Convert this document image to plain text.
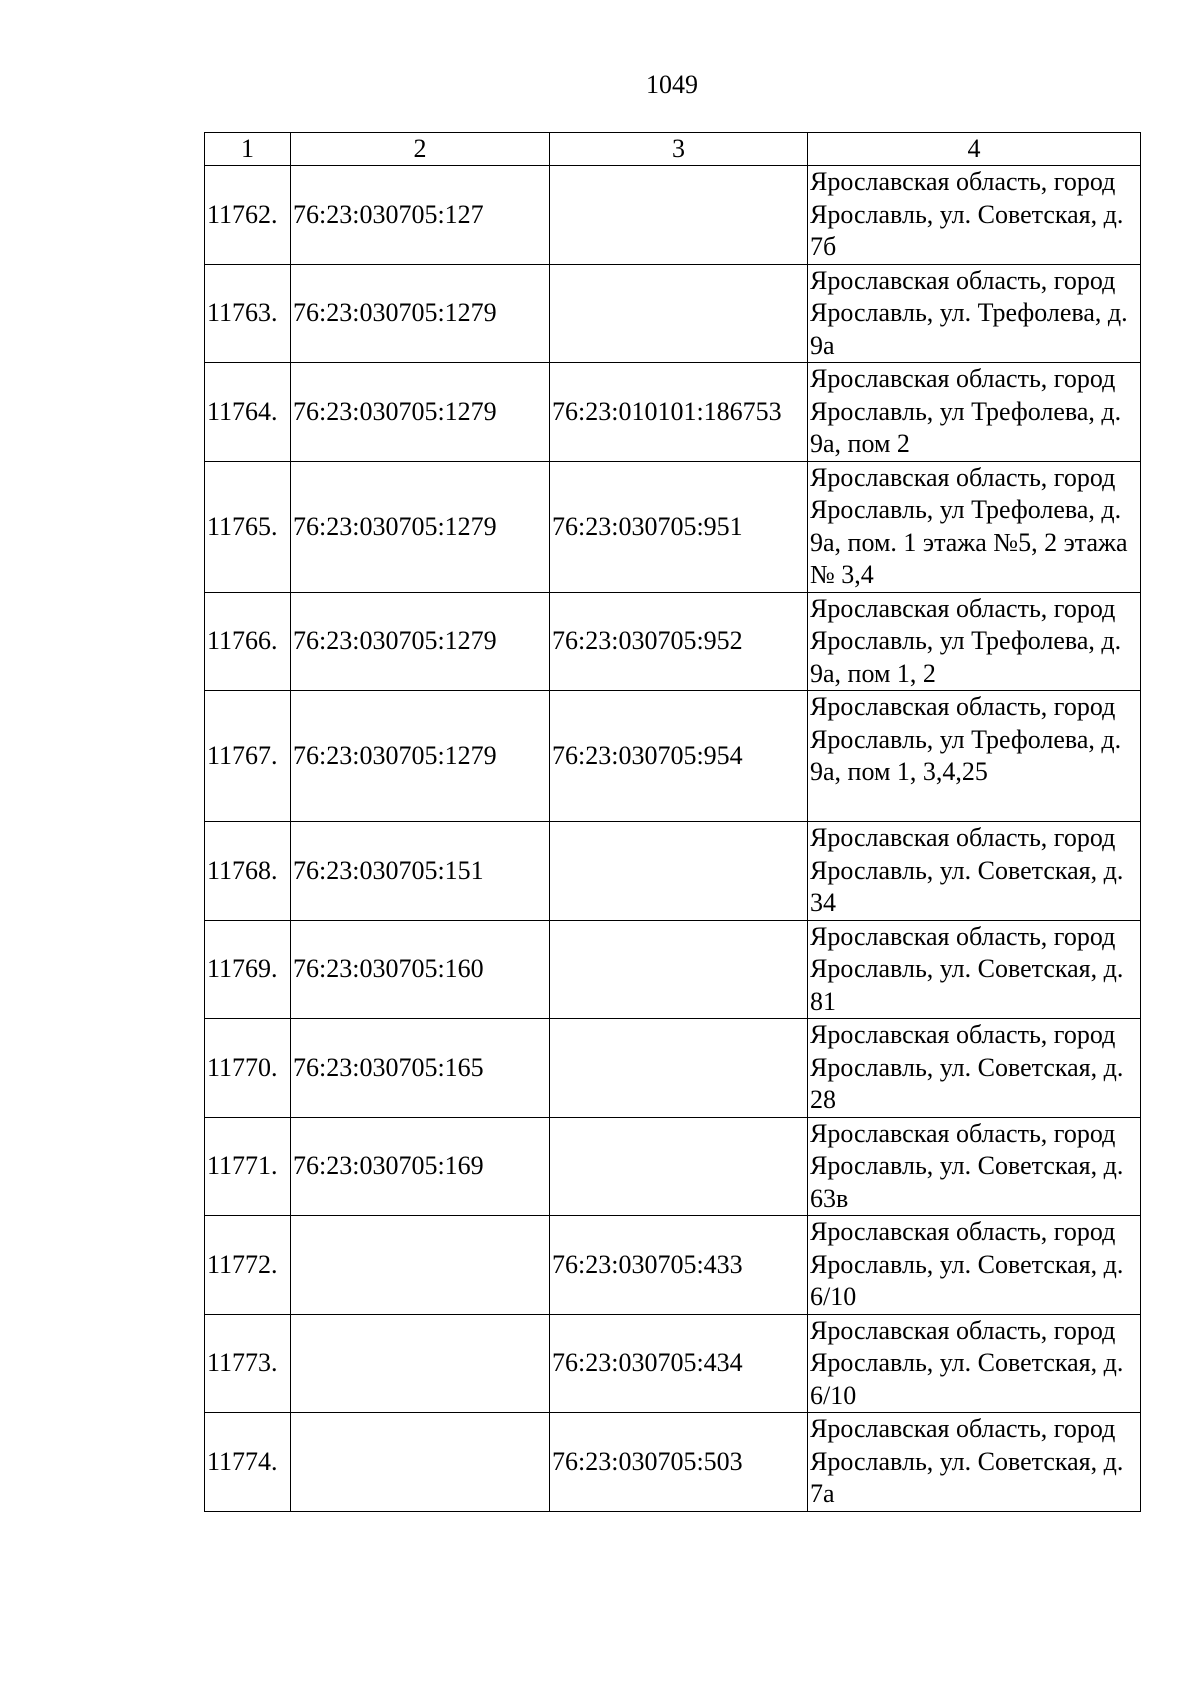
1049
1	2	3	4
11762.	76:23:030705:127		Ярославская область, город Ярославль, ул. Советская, д. 7б
11763.	76:23:030705:1279		Ярославская область, город Ярославль, ул. Трефолева, д. 9а
11764.	76:23:030705:1279	76:23:010101:186753	Ярославская область, город Ярославль, ул Трефолева, д. 9а, пом 2
11765.	76:23:030705:1279	76:23:030705:951	Ярославская область, город Ярославль, ул Трефолева, д. 9а, пом. 1 этажа №5, 2 этажа № 3,4
11766.	76:23:030705:1279	76:23:030705:952	Ярославская область, город Ярославль, ул Трефолева, д. 9а, пом 1, 2
11767.	76:23:030705:1279	76:23:030705:954	Ярославская область, город Ярославль, ул Трефолева, д. 9а, пом 1, 3,4,25
11768.	76:23:030705:151		Ярославская область, город Ярославль, ул. Советская, д. 34
11769.	76:23:030705:160		Ярославская область, город Ярославль, ул. Советская, д. 81
11770.	76:23:030705:165		Ярославская область, город Ярославль, ул. Советская, д. 28
11771.	76:23:030705:169		Ярославская область, город Ярославль, ул. Советская, д. 63в
11772.		76:23:030705:433	Ярославская область, город Ярославль, ул. Советская, д. 6/10
11773.		76:23:030705:434	Ярославская область, город Ярославль, ул. Советская, д. 6/10
11774.		76:23:030705:503	Ярославская область, город Ярославль, ул. Советская, д. 7а
